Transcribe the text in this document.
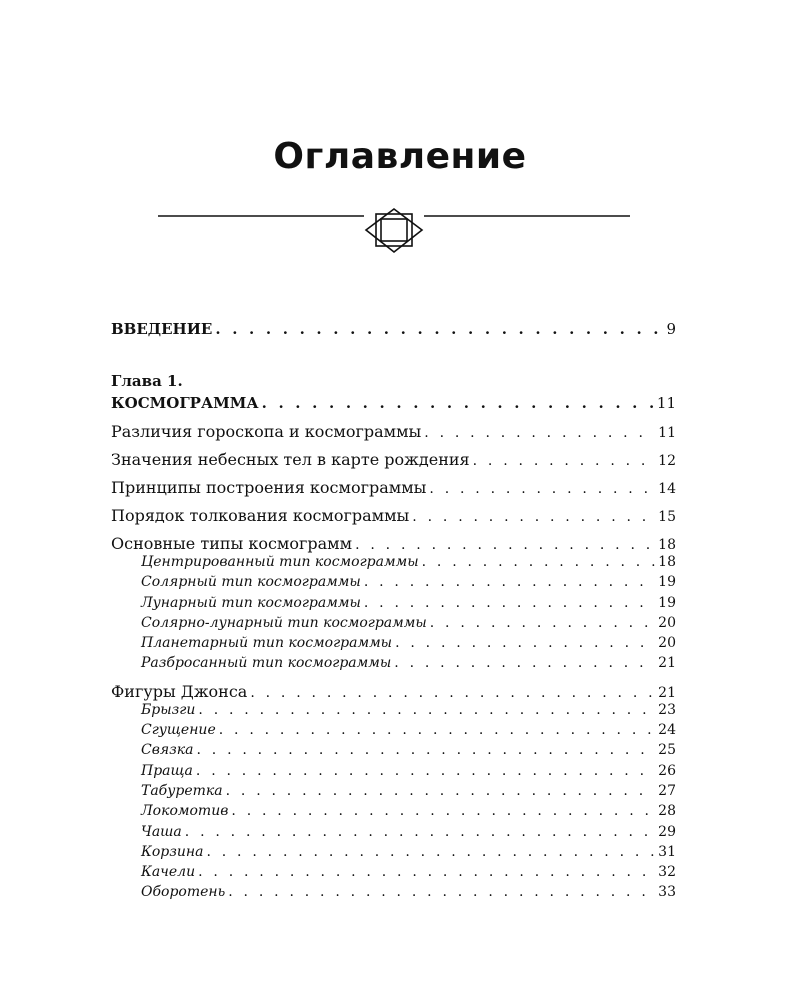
Оглавление
ВВЕДЕНИЕ . . .	9
Глава 1.
КОСМОГРАММА . . .	11
Различия гороскопа и космограммы . . .	11
Значения небесных тел в карте рождения . . .	12
Принципы построения космограммы . . .	14
Порядок толкования космограммы . . .	15
Основные типы космограмм . . .	18
Центрированный тип космограммы . . .	18
Солярный тип космограммы . . .	19
Лунарный тип космограммы . . .	19
Солярно-лунарный тип космограммы . . .	20
Планетарный тип космограммы . . .	20
Разбросанный тип космограммы . . .	21
Фигуры Джонса . . .	21
Брызги . . .	23
Сгущение . . .	24
Связка . . .	25
Праща . . .	26
Табуретка . . .	27
Локомотив . . .	28
Чаша . . .	29
Корзина . . .	31
Качели . . .	32
Оборотень . . .	33
